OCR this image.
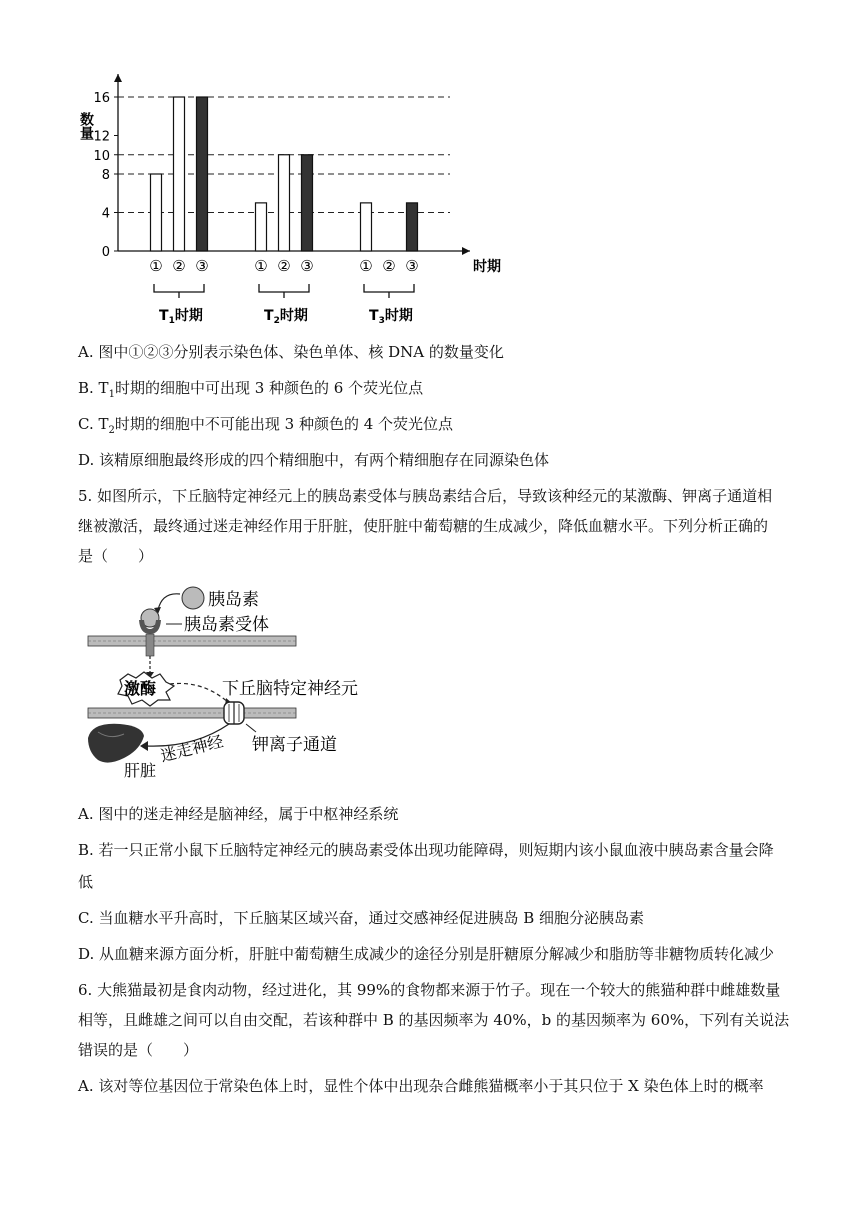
0
4
8
10
12
16
数量
时期
① ② ③
$T_1$时期
① ② ③
$T_2$时期
① ② ③
$T_3$时期
A. 图中①②③分别表示染色体、染色单体、核 DNA 的数量变化
B. $T_1$时期的细胞中可出现 3 种颜色的 6 个荧光位点
C. $T_2$时期的细胞中不可能出现 3 种颜色的 4 个荧光位点
D. 该精原细胞最终形成的四个精细胞中，有两个精细胞存在同源染色体
5. 如图所示，下丘脑特定神经元上的胰岛素受体与胰岛素结合后，导致该种经元的某激酶、钾离子通道相
继被激活，最终通过迷走神经作用于肝脏，使肝脏中葡萄糖的生成减少，降低血糖水平。下列分析正确的
是（　　）
胰岛素
胰岛素受体
激酶	下丘脑特定神经元
钾离子通道
迷走神经
肝脏
A. 图中的迷走神经是脑神经，属于中枢神经系统
B. 若一只正常小鼠下丘脑特定神经元的胰岛素受体出现功能障碍，则短期内该小鼠血液中胰岛素含量会降
低
C. 当血糖水平升高时，下丘脑某区域兴奋，通过交感神经促进胰岛 B 细胞分泌胰岛素
D. 从血糖来源方面分析，肝脏中葡萄糖生成减少的途径分别是肝糖原分解减少和脂肪等非糖物质转化减少
6. 大熊猫最初是食肉动物，经过进化，其 99%的食物都来源于竹子。现在一个较大的熊猫种群中雌雄数量
相等，且雌雄之间可以自由交配，若该种群中 B 的基因频率为 40%，b 的基因频率为 60%，下列有关说法
错误的是（　　）
A. 该对等位基因位于常染色体上时，显性个体中出现杂合雌熊猫概率小于其只位于 X 染色体上时的概率
